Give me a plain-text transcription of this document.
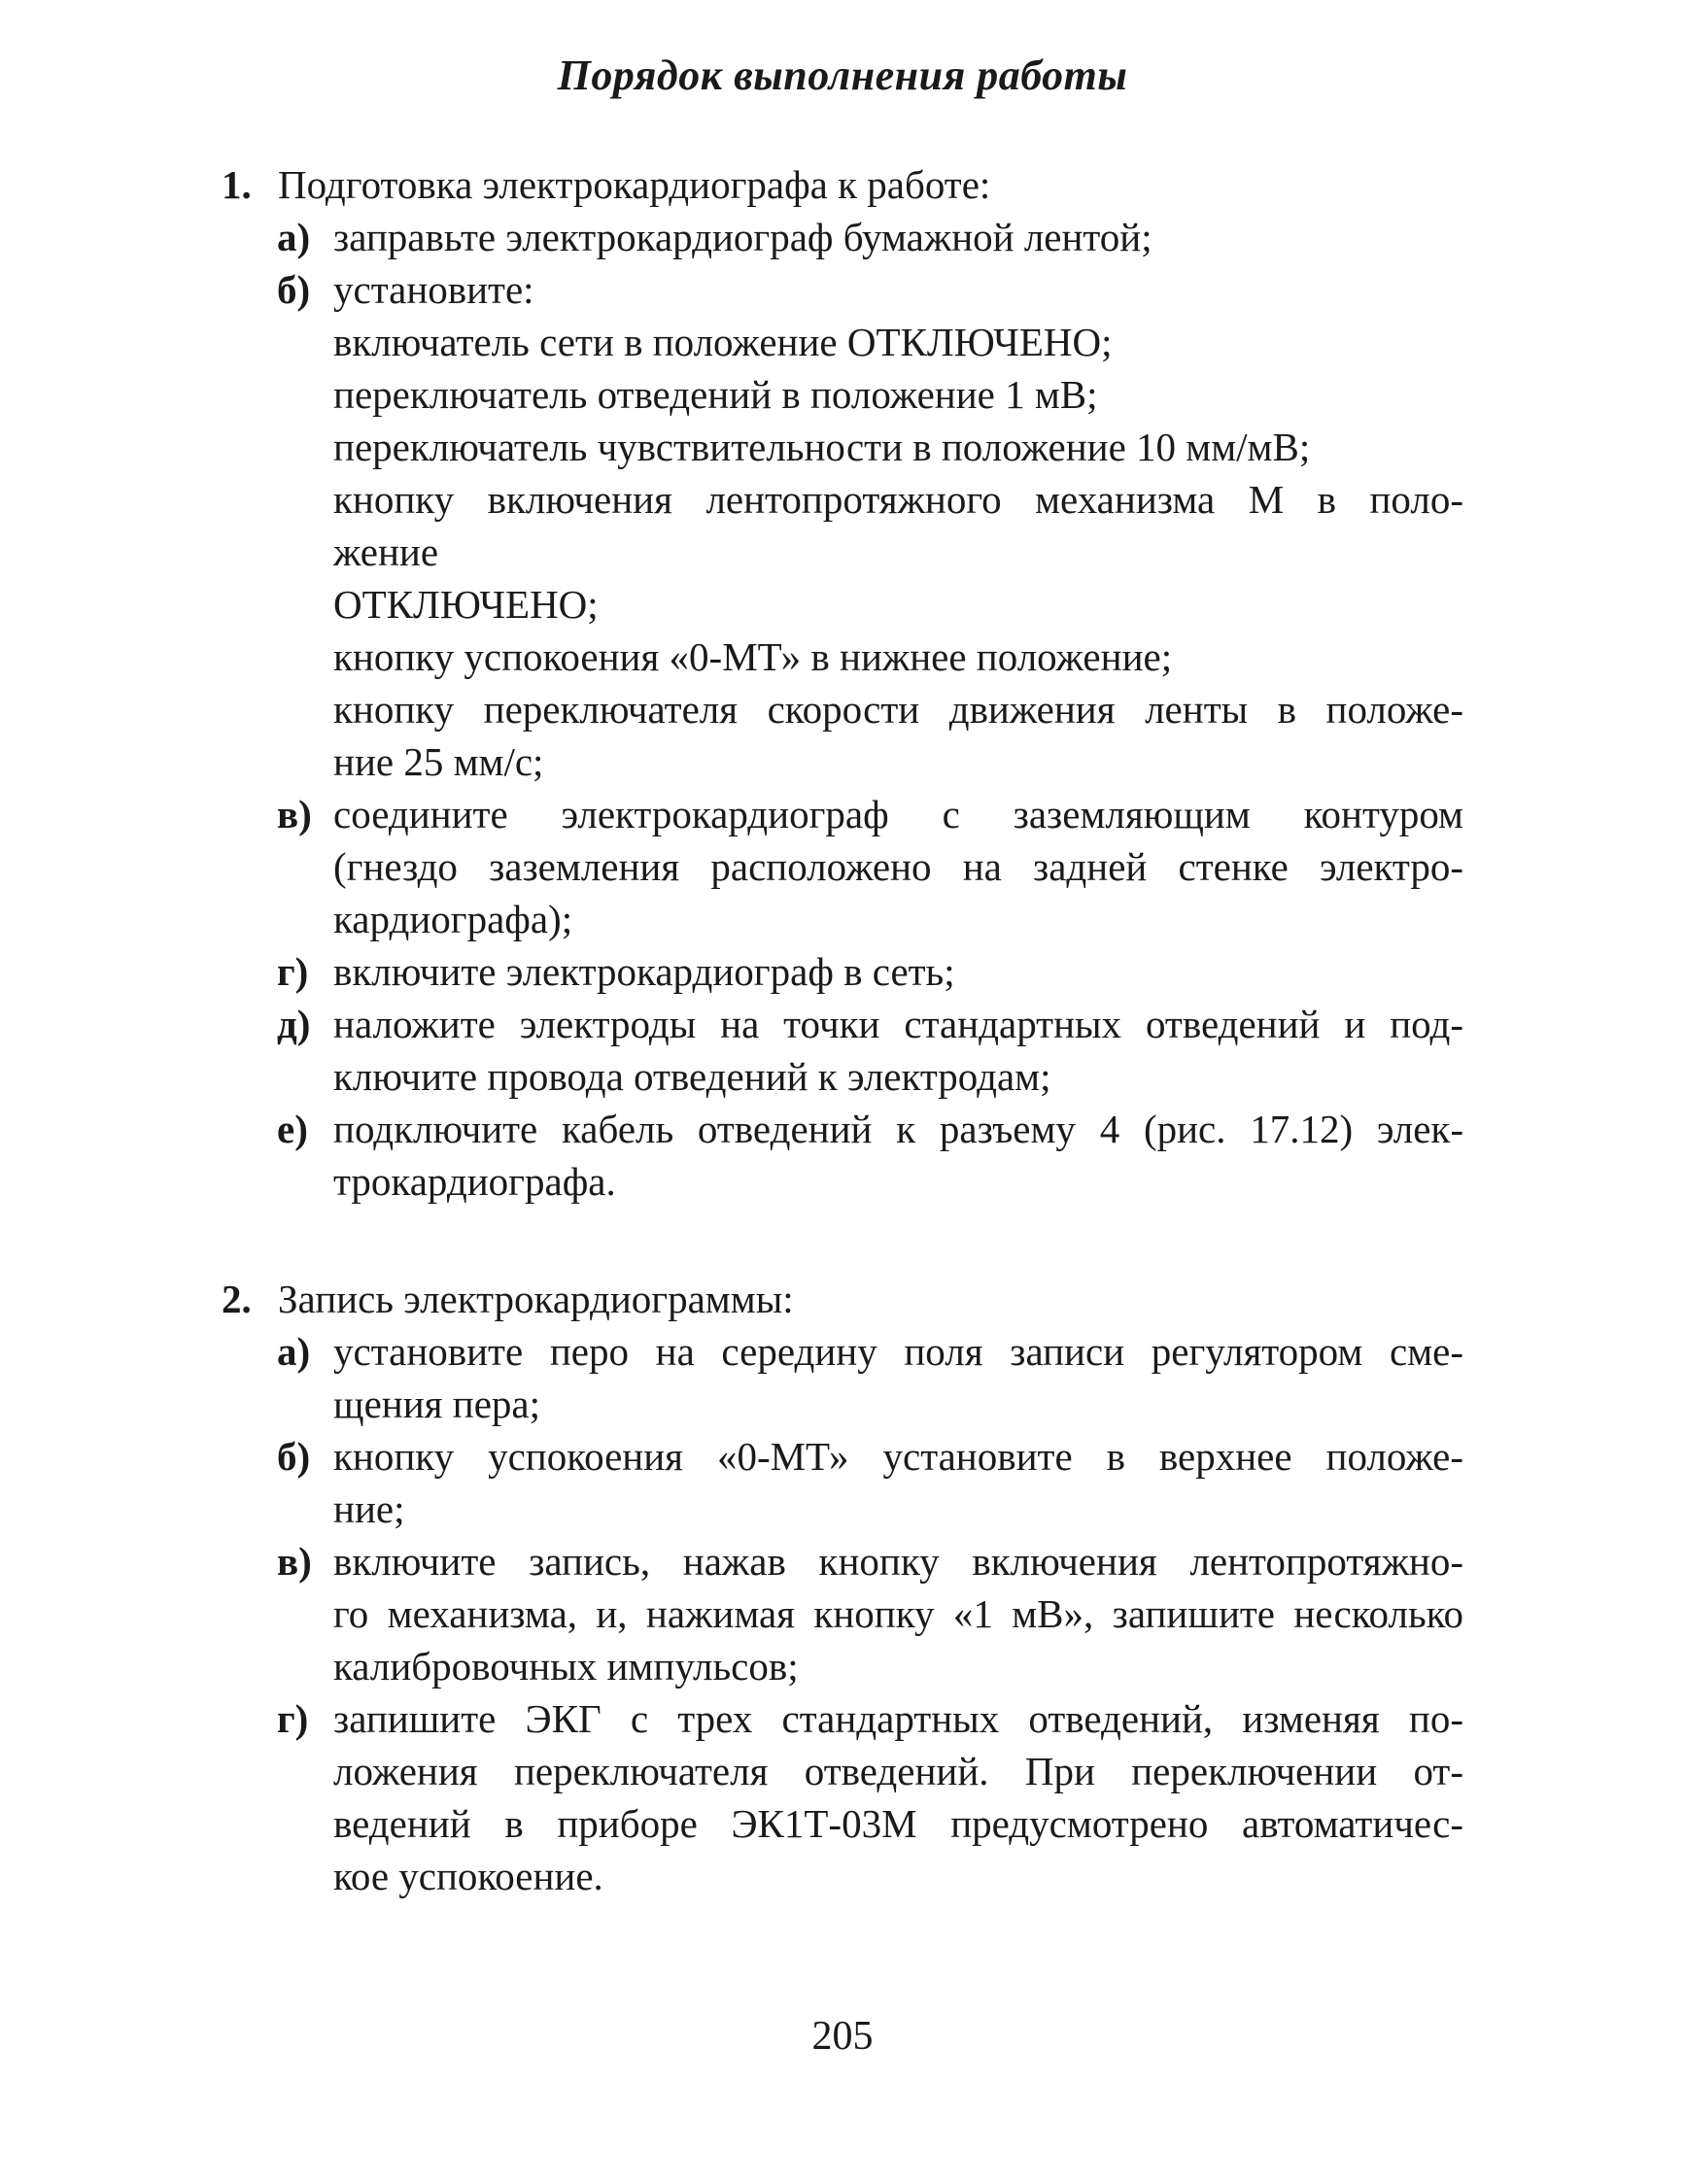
Порядок выполнения работы
1. Подготовка электрокардиографа к работе:
а) заправьте электрокардиограф бумажной лентой;
б) установите:
включатель сети в положение ОТКЛЮЧЕНО;
переключатель отведений в положение 1 мВ;
переключатель чувствительности в положение 10 мм/мВ;
кнопку включения лентопротяжного механизма М в поло-
жение
ОТКЛЮЧЕНО;
кнопку успокоения «0-МТ» в нижнее положение;
кнопку переключателя скорости движения ленты в положе-
ние 25 мм/с;
в) соедините электрокардиограф с заземляющим контуром
(гнездо заземления расположено на задней стенке электро-
кардиографа);
г) включите электрокардиограф в сеть;
д) наложите электроды на точки стандартных отведений и под-
ключите провода отведений к электродам;
е) подключите кабель отведений к разъему 4 (рис. 17.12) элек-
трокардиографа.
2. Запись электрокардиограммы:
а) установите перо на середину поля записи регулятором сме-
щения пера;
б) кнопку успокоения «0-МТ» установите в верхнее положе-
ние;
в) включите запись, нажав кнопку включения лентопротяжно-
го механизма, и, нажимая кнопку «1 мВ», запишите несколько
калибровочных импульсов;
г) запишите ЭКГ с трех стандартных отведений, изменяя по-
ложения переключателя отведений. При переключении от-
ведений в приборе ЭК1Т-03М предусмотрено автоматичес-
кое успокоение.
205
